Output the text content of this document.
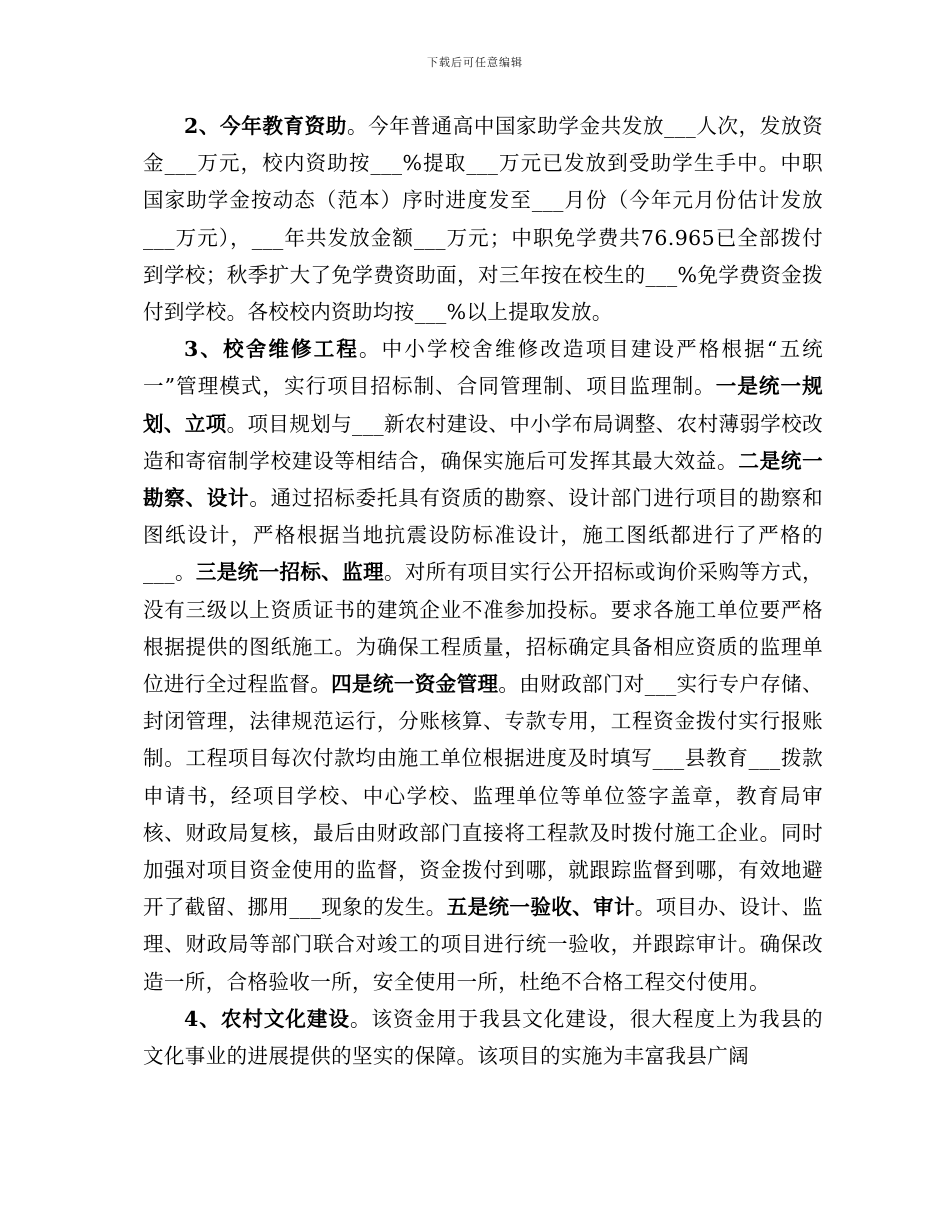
下载后可任意编辑

2、今年教育资助。今年普通高中国家助学金共发放___人次，发放资金___万元，校内资助按___%提取___万元已发放到受助学生手中。中职国家助学金按动态（范本）序时进度发至___月份（今年元月份估计发放___万元），___年共发放金额___万元；中职免学费共76.965已全部拨付到学校；秋季扩大了免学费资助面，对三年按在校生的___%免学费资金拨付到学校。各校校内资助均按___%以上提取发放。

3、校舍维修工程。中小学校舍维修改造项目建设严格根据“五统一”管理模式，实行项目招标制、合同管理制、项目监理制。一是统一规划、立项。项目规划与___新农村建设、中小学布局调整、农村薄弱学校改造和寄宿制学校建设等相结合，确保实施后可发挥其最大效益。二是统一勘察、设计。通过招标委托具有资质的勘察、设计部门进行项目的勘察和图纸设计，严格根据当地抗震设防标准设计，施工图纸都进行了严格的___。三是统一招标、监理。对所有项目实行公开招标或询价采购等方式，没有三级以上资质证书的建筑企业不准参加投标。要求各施工单位要严格根据提供的图纸施工。为确保工程质量，招标确定具备相应资质的监理单位进行全过程监督。四是统一资金管理。由财政部门对___实行专户存储、封闭管理，法律规范运行，分账核算、专款专用，工程资金拨付实行报账制。工程项目每次付款均由施工单位根据进度及时填写___县教育___拨款申请书，经项目学校、中心学校、监理单位等单位签字盖章，教育局审核、财政局复核，最后由财政部门直接将工程款及时拨付施工企业。同时加强对项目资金使用的监督，资金拨付到哪，就跟踪监督到哪，有效地避开了截留、挪用___现象的发生。五是统一验收、审计。项目办、设计、监理、财政局等部门联合对竣工的项目进行统一验收，并跟踪审计。确保改造一所，合格验收一所，安全使用一所，杜绝不合格工程交付使用。

4、农村文化建设。该资金用于我县文化建设，很大程度上为我县的文化事业的进展提供的坚实的保障。该项目的实施为丰富我县广阔
